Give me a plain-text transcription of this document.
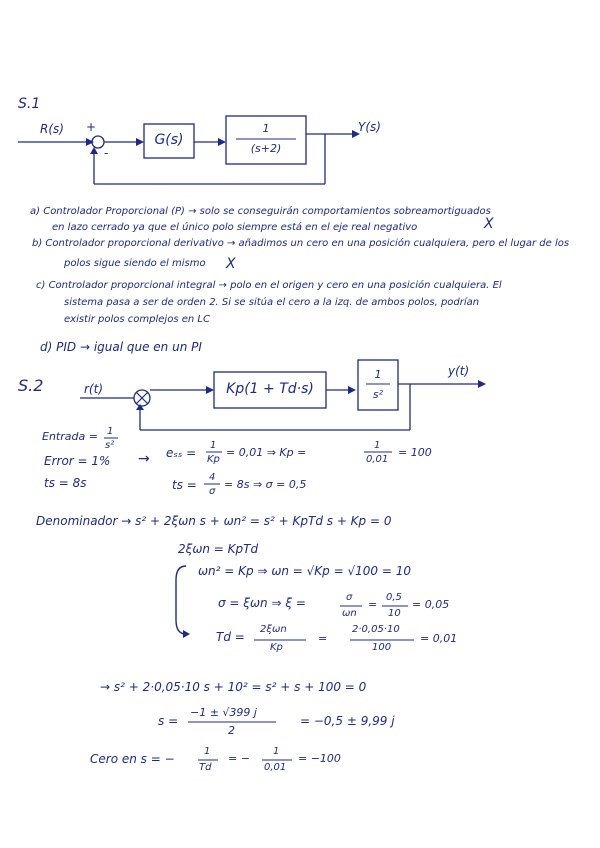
S.1
R(s) +
-
G(s)
1
(s+2)
Y(s)
a) Controlador Proporcional (P) → solo se conseguirán comportamientos sobreamortiguados
en lazo cerrado ya que el único polo siempre está en el eje real negativo	X
b) Controlador proporcional derivativo → añadimos un cero en una posición cualquiera, pero el lugar de los
polos sigue siendo el mismo X
c) Controlador proporcional integral → polo en el origen y cero en una posición cualquiera. El
sistema pasa a ser de orden 2. Si se sitúa el cero a la izq. de ambos polos, podrían
existir polos complejos en LC
d) PID → igual que en un PI
S.2	r(t)	Kp(1 + Td·s)
1
s²
y(t)
Entrada = 1
s²
Error = 1% → eₛₛ =
1
Kp
= 0,01 ⇒ Kp =
1
0,01
= 100
ts = 8s	ts =
4
σ
= 8s ⇒ σ = 0,5
Denominador → s² + 2ξωn s + ωn² = s² + KpTd s + Kp = 0
2ξωn = KpTd
ωn² = Kp ⇒ ωn = √Kp = √100 = 10
σ = ξωn ⇒ ξ =	σ
ωn
=
0,5
10
= 0,05
Td =
2ξωn
Kp
=
2·0,05·10
100
= 0,01
→ s² + 2·0,05·10 s + 10² = s² + s + 100 = 0
s =
−1 ± √399 j
2
= −0,5 ± 9,99 j
Cero en s = −
1
Td
= −
1
0,01
= −100
